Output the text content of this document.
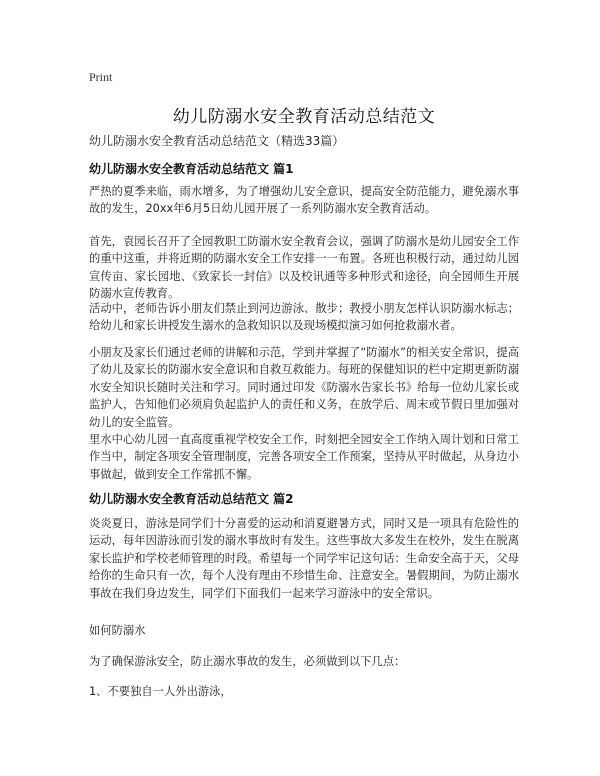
Print
幼儿防溺水安全教育活动总结范文
幼儿防溺水安全教育活动总结范文（精选33篇）
幼儿防溺水安全教育活动总结范文 篇1

严热的夏季来临，雨水增多，为了增强幼儿安全意识，提高安全防范能力，避免溺水事故的发生，20xx年6月5日幼儿园开展了一系列防溺水安全教育活动。

首先，袁园长召开了全园教职工防溺水安全教育会议，强调了防溺水是幼儿园安全工作的重中这重，并将近期的防溺水安全工作安排一一布置。各班也积极行动，通过幼儿园宣传亩、家长园地、《致家长一封信》以及校讯通等多种形式和途径，向全园师生开展防溺水宣传教育。

活动中，老师告诉小朋友们禁止到河边游泳、散步；教授小朋友怎样认识防溺水标志；给幼儿和家长讲授发生溺水的急救知识以及现场模拟演习如何抢救溺水者。

小朋友及家长们通过老师的讲解和示范，学到并掌握了“防溺水”的相关安全常识，提高了幼儿及家长的防溺水安全意识和自救互救能力。每班的保健知识的栏中定期更新防溺水安全知识长随时关注和学习。同时通过印发《防溺水告家长书》给每一位幼儿家长或监护人，告知他们必须肩负起监护人的责任和义务，在放学后、周末或节假日里加强对幼儿的安全监管。

里水中心幼儿园一直高度重视学校安全工作，时刻把全园安全工作纳入周计划和日常工作当中，制定各项安全管理制度，完善各项安全工作预案，坚持从平时做起，从身边小事做起，做到安全工作常抓不懈。

幼儿防溺水安全教育活动总结范文 篇2

炎炎夏日，游泳是同学们十分喜爱的运动和消夏避暑方式，同时又是一项具有危险性的运动，每年因游泳而引发的溺水事故时有发生。这些事故大多发生在校外，发生在脱离家长监护和学校老师管理的时段。希望每一个同学牢记这句话：生命安全高于天，父母给你的生命只有一次，每个人没有理由不珍惜生命、注意安全。暑假期间，为防止溺水事故在我们身边发生，同学们下面我们一起来学习游泳中的安全常识。

如何防溺水

为了确保游泳安全，防止溺水事故的发生，必须做到以下几点：

1、不要独自一人外出游泳，
